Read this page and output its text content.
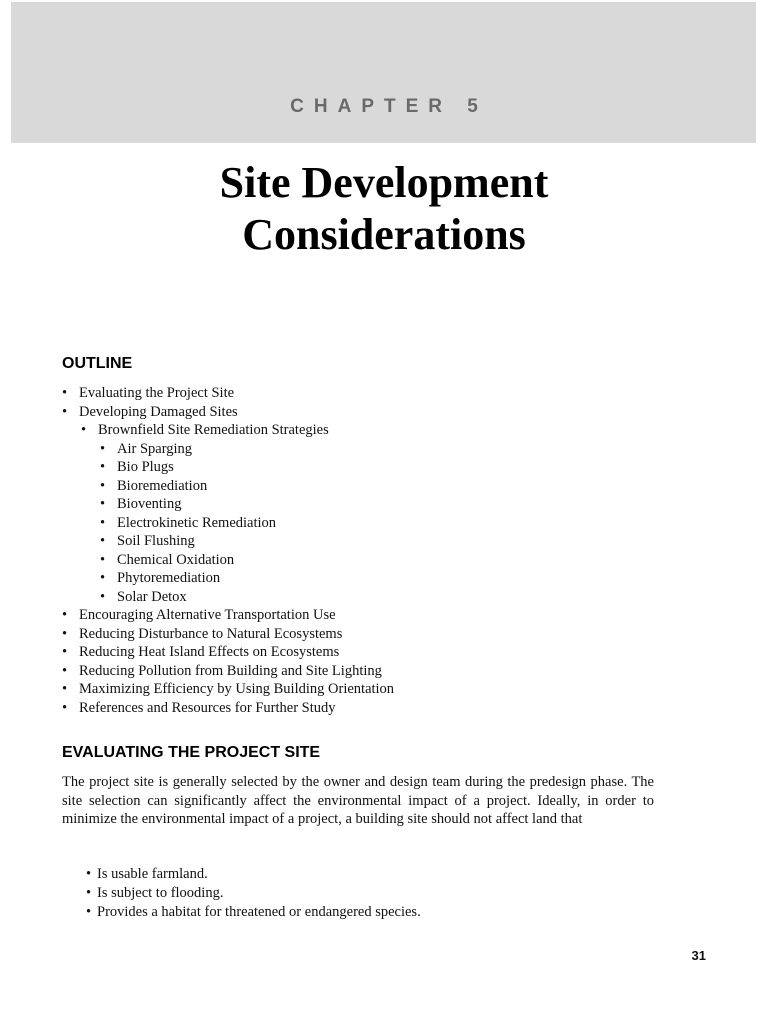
CHAPTER 5
Site Development
Considerations
OUTLINE
• Evaluating the Project Site
• Developing Damaged Sites
• Brownfield Site Remediation Strategies
• Air Sparging
• Bio Plugs
• Bioremediation
• Bioventing
• Electrokinetic Remediation
• Soil Flushing
• Chemical Oxidation
• Phytoremediation
• Solar Detox
• Encouraging Alternative Transportation Use
• Reducing Disturbance to Natural Ecosystems
• Reducing Heat Island Effects on Ecosystems
• Reducing Pollution from Building and Site Lighting
• Maximizing Efficiency by Using Building Orientation
• References and Resources for Further Study
EVALUATING THE PROJECT SITE

The project site is generally selected by the owner and design team during the predesign phase. The site selection can significantly affect the environmental impact of a project. Ideally, in order to minimize the environmental impact of a project, a building site should not affect land that

• Is usable farmland.
• Is subject to flooding.
• Provides a habitat for threatened or endangered species.
31
